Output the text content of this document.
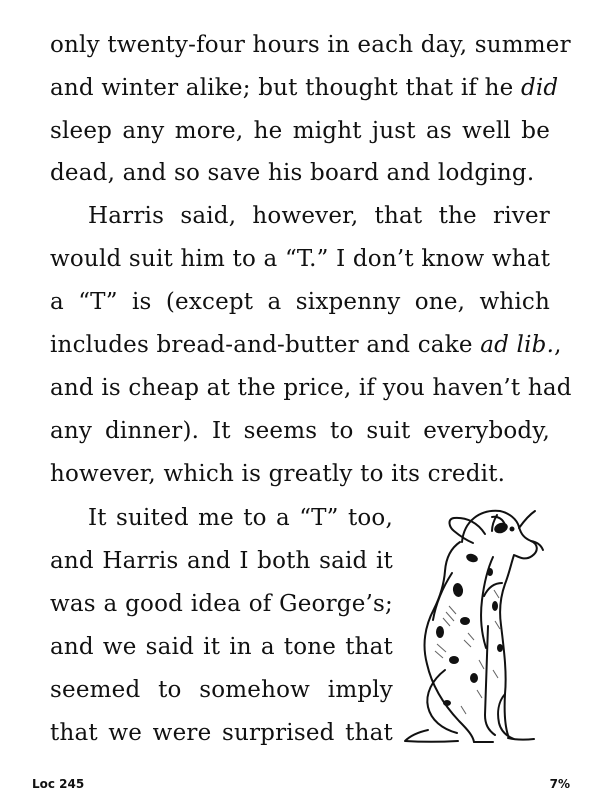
only twenty-four hours in each day, summer
and winter alike; but thought that if he did
sleep any more, he might just as well be
dead, and so save his board and lodging.
Harris said, however, that the river
would suit him to a “T.” I don’t know what
a “T” is (except a sixpenny one, which
includes bread-and-butter and cake ad lib.,
and is cheap at the price, if you haven’t had
any dinner). It seems to suit everybody,
however, which is greatly to its credit.
It suited me to a “T” too,
and Harris and I both said it
was a good idea of George’s;
and we said it in a tone that
seemed to somehow imply
that we were surprised that
Loc 245	7%
